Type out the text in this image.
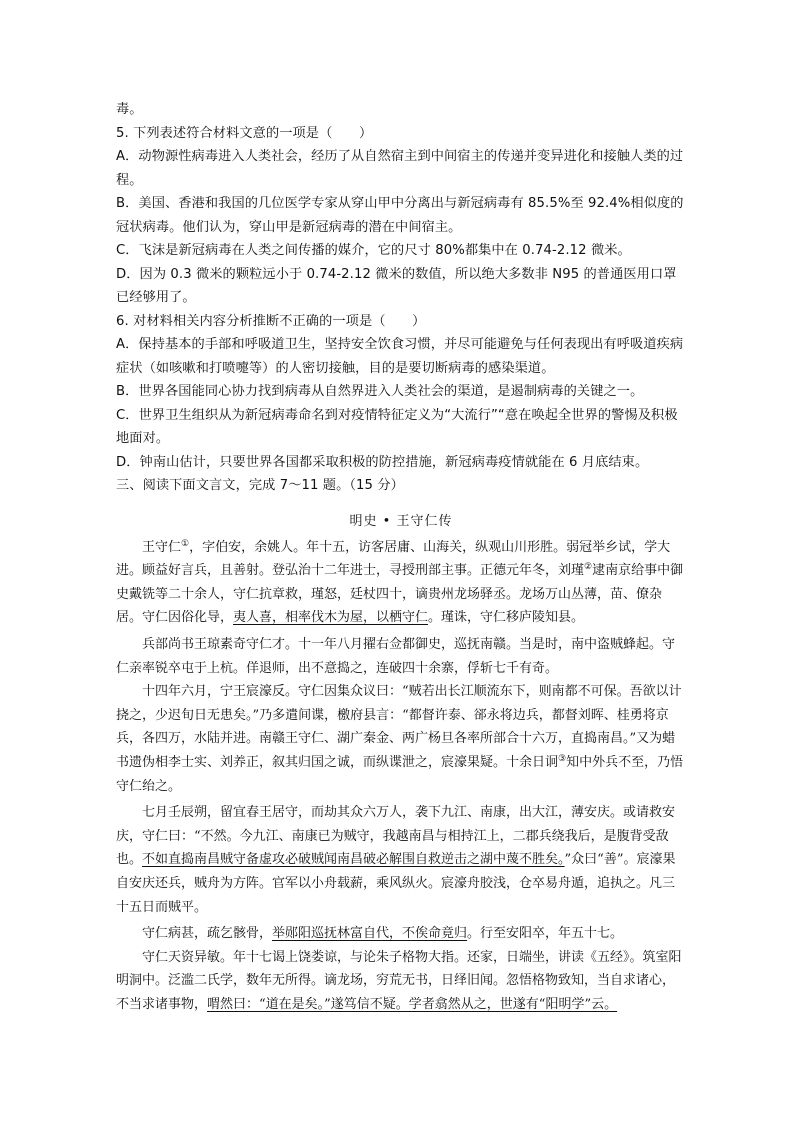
毒。

5. 下列表述符合材料文意的一项是（　　）

A．动物源性病毒进入人类社会，经历了从自然宿主到中间宿主的传递并变异进化和接触人类的过程。

B．美国、香港和我国的几位医学专家从穿山甲中分离出与新冠病毒有 85.5%至 92.4%相似度的冠状病毒。他们认为，穿山甲是新冠病毒的潜在中间宿主。

C．飞沫是新冠病毒在人类之间传播的媒介，它的尺寸 80%都集中在 0.74-2.12 微米。

D．因为 0.3 微米的颗粒远小于 0.74-2.12 微米的数值，所以绝大多数非 N95 的普通医用口罩已经够用了。

6. 对材料相关内容分析推断不正确的一项是（　　）

A．保持基本的手部和呼吸道卫生，坚持安全饮食习惯，并尽可能避免与任何表现出有呼吸道疾病症状（如咳嗽和打喷嚏等）的人密切接触，目的是要切断病毒的感染渠道。

B．世界各国能同心协力找到病毒从自然界进入人类社会的渠道，是遏制病毒的关键之一。

C．世界卫生组织从为新冠病毒命名到对疫情特征定义为“大流行”“意在唤起全世界的警惕及积极地面对。

D．钟南山估计，只要世界各国都采取积极的防控措施，新冠病毒疫情就能在 6 月底结束。

三、阅读下面文言文，完成 7～11 题。（15 分）

明史 • 王守仁传

王守仁①，字伯安，余姚人。年十五，访客居庸、山海关，纵观山川形胜。弱冠举乡试，学大进。顾益好言兵，且善射。登弘治十二年进士，寻授刑部主事。正德元年冬，刘瑾②逮南京给事中御史戴铣等二十余人，守仁抗章救，瑾怒，廷杖四十，谪贵州龙场驿丞。龙场万山丛薄，苗、僚杂居。守仁因俗化导，夷人喜，相率伐木为屋，以栖守仁。瑾诛，守仁移庐陵知县。

兵部尚书王琼素奇守仁才。十一年八月擢右佥都御史，巡抚南赣。当是时，南中盗贼蜂起。守仁亲率锐卒屯于上杭。佯退师，出不意捣之，连破四十余寨，俘斩七千有奇。

十四年六月，宁王宸濠反。守仁因集众议曰：“贼若出长江顺流东下，则南都不可保。吾欲以计挠之，少迟旬日无患矣。”乃多遣间谍，檄府县言：“都督许泰、郤永将边兵，都督刘晖、桂勇将京兵，各四万，水陆并进。南赣王守仁、湖广秦金、两广杨旦各率所部合十六万，直捣南昌。”又为蜡书遗伪相李士实、刘养正，叙其归国之诚，而纵谍泄之，宸濠果疑。十余日诇③知中外兵不至，乃悟守仁绐之。

七月壬辰朔，留宜春王居守，而劫其众六万人，袭下九江、南康，出大江，薄安庆。或请救安庆，守仁曰：“不然。今九江、南康已为贼守，我越南昌与相持江上，二郡兵绕我后，是腹背受敌也。不如直捣南昌贼守备虚攻必破贼闻南昌破必解围自救逆击之湖中蔑不胜矣。”众曰“善”。宸濠果自安庆还兵，贼舟为方阵。官军以小舟载薪，乘风纵火。宸濠舟胶浅，仓卒易舟遁，追执之。凡三十五日而贼平。

守仁病甚，疏乞骸骨，举郧阳巡抚林富自代，不俟命竟归。行至安阳卒，年五十七。

守仁天资异敏。年十七谒上饶娄谅，与论朱子格物大指。还家，日端坐，讲读《五经》。筑室阳明洞中。泛滥二氏学，数年无所得。谪龙场，穷荒无书，日绎旧闻。忽悟格物致知，当自求诸心，不当求诸事物，喟然曰：“道在是矣。”遂笃信不疑。学者翕然从之，世遂有“阳明学”云。
